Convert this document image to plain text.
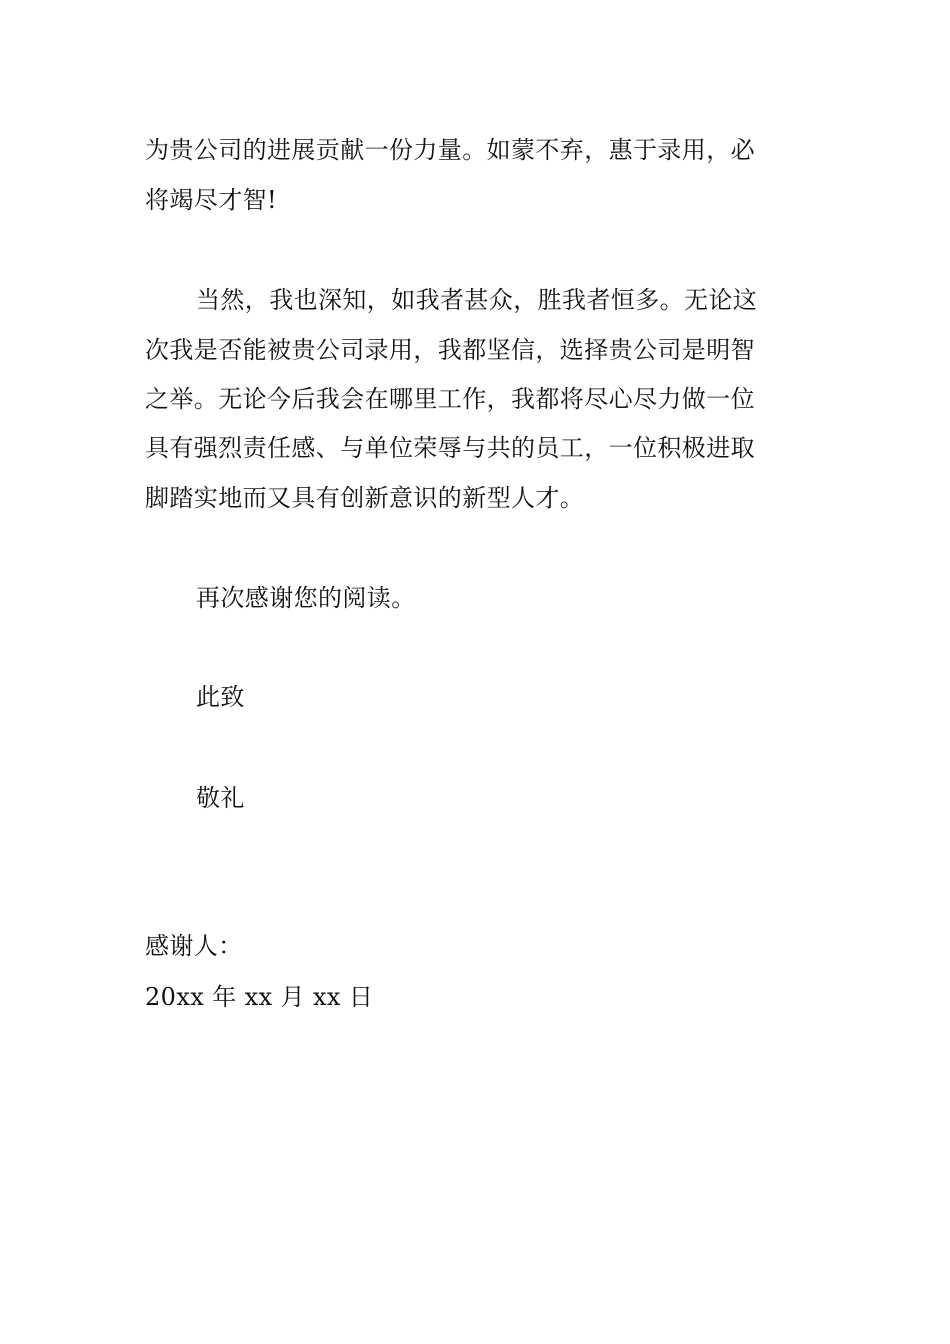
为贵公司的进展贡献一份力量。如蒙不弃，惠于录用，必
将竭尽才智!
当然，我也深知，如我者甚众，胜我者恒多。无论这
次我是否能被贵公司录用，我都坚信，选择贵公司是明智
之举。无论今后我会在哪里工作，我都将尽心尽力做一位
具有强烈责任感、与单位荣辱与共的员工，一位积极进取
脚踏实地而又具有创新意识的新型人才。
再次感谢您的阅读。
此致
敬礼
感谢人：
20xx 年 xx 月 xx 日
